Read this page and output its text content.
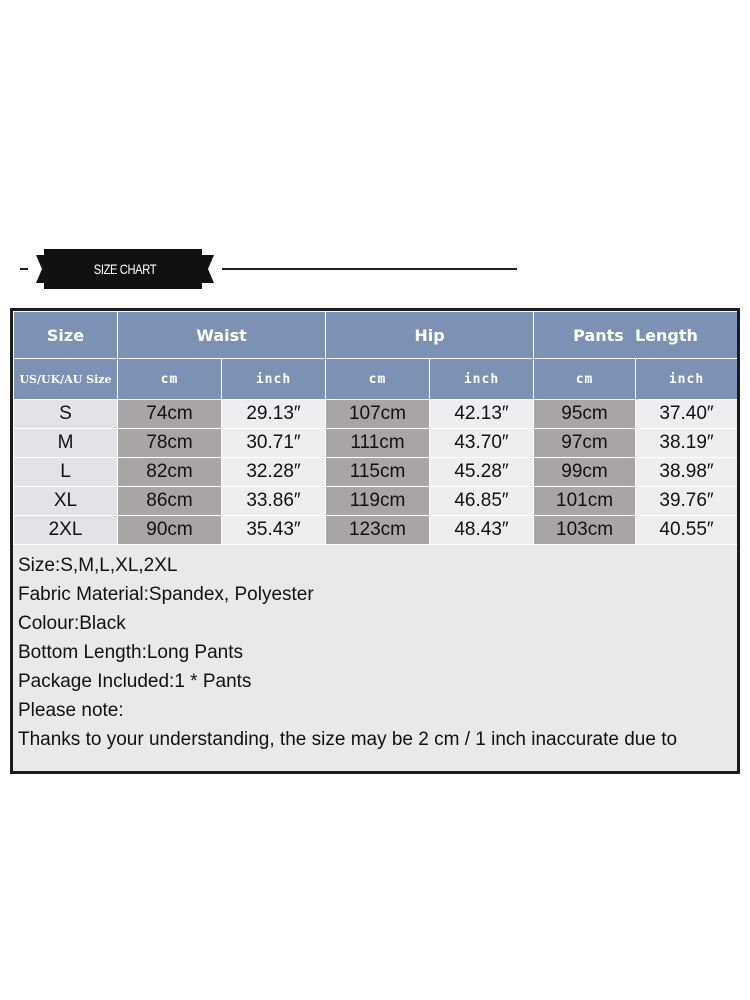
SIZE CHART
Size	Waist		Hip		Pants  Length	
US/UK/AU Size	cm	inch	cm	inch	cm	inch
S	74cm	29.13″	107cm	42.13″	95cm	37.40″
M	78cm	30.71″	111cm	43.70″	97cm	38.19″
L	82cm	32.28″	115cm	45.28″	99cm	38.98″
XL	86cm	33.86″	119cm	46.85″	101cm	39.76″
2XL	90cm	35.43″	123cm	48.43″	103cm	40.55″
Size:S,M,L,XL,2XL
Fabric Material:Spandex, Polyester
Colour:Black
Bottom Length:Long Pants
Package Included:1 * Pants
Please note:
Thanks to your understanding, the size may be 2 cm / 1 inch inaccurate due to
